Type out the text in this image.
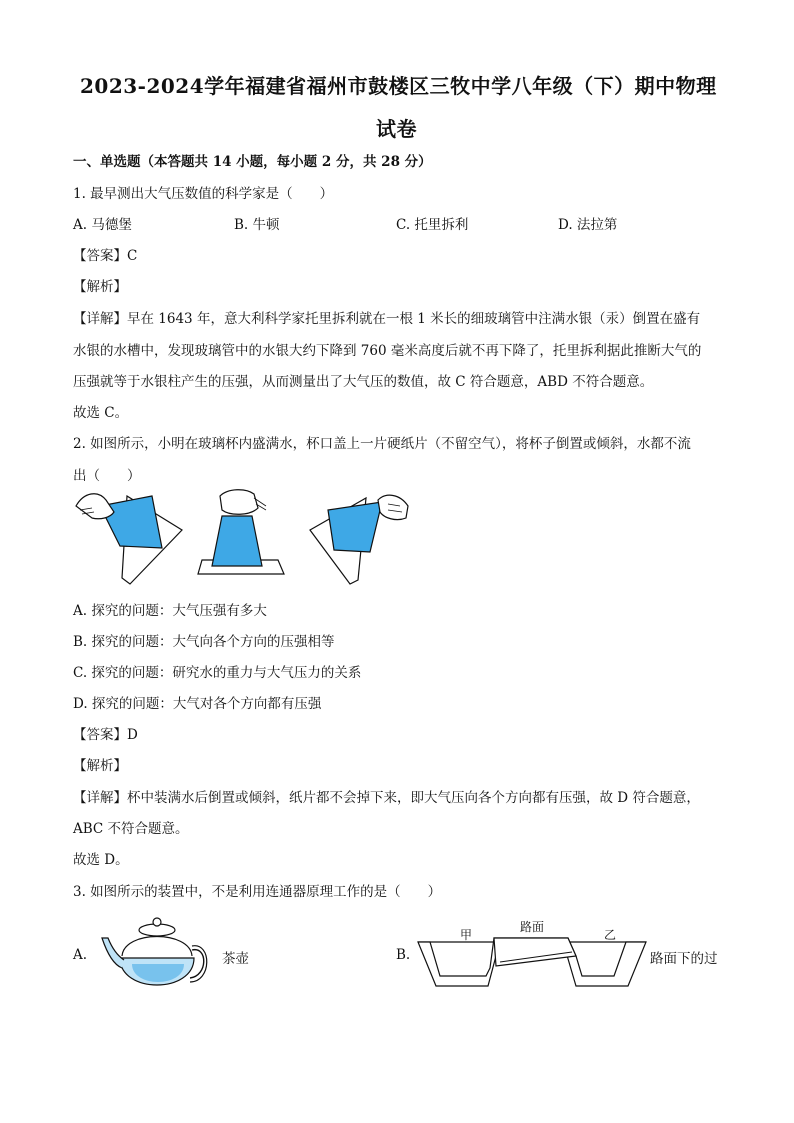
2023-2024学年福建省福州市鼓楼区三牧中学八年级（下）期中物理
试卷
一、单选题（本答题共 14 小题，每小题 2 分，共 28 分）
1. 最早测出大气压数值的科学家是（　　）
A. 马德堡	B. 牛顿	C. 托里拆利	D. 法拉第
【答案】C
【解析】
【详解】早在 1643 年，意大利科学家托里拆利就在一根 1 米长的细玻璃管中注满水银（汞）倒置在盛有
水银的水槽中，发现玻璃管中的水银大约下降到 760 毫米高度后就不再下降了，托里拆利据此推断大气的
压强就等于水银柱产生的压强，从而测量出了大气压的数值，故 C 符合题意，ABD 不符合题意。
故选 C。
2. 如图所示，小明在玻璃杯内盛满水，杯口盖上一片硬纸片（不留空气），将杯子倒置或倾斜，水都不流
出（　　）
A. 探究的问题：大气压强有多大
B. 探究的问题：大气向各个方向的压强相等
C. 探究的问题：研究水的重力与大气压力的关系
D. 探究的问题：大气对各个方向都有压强
【答案】D
【解析】
【详解】杯中装满水后倒置或倾斜，纸片都不会掉下来，即大气压向各个方向都有压强，故 D 符合题意，
ABC 不符合题意。
故选 D。
3. 如图所示的装置中，不是利用连通器原理工作的是（　　）
A.	茶壶	B.
甲
路面
乙
路面下的过
